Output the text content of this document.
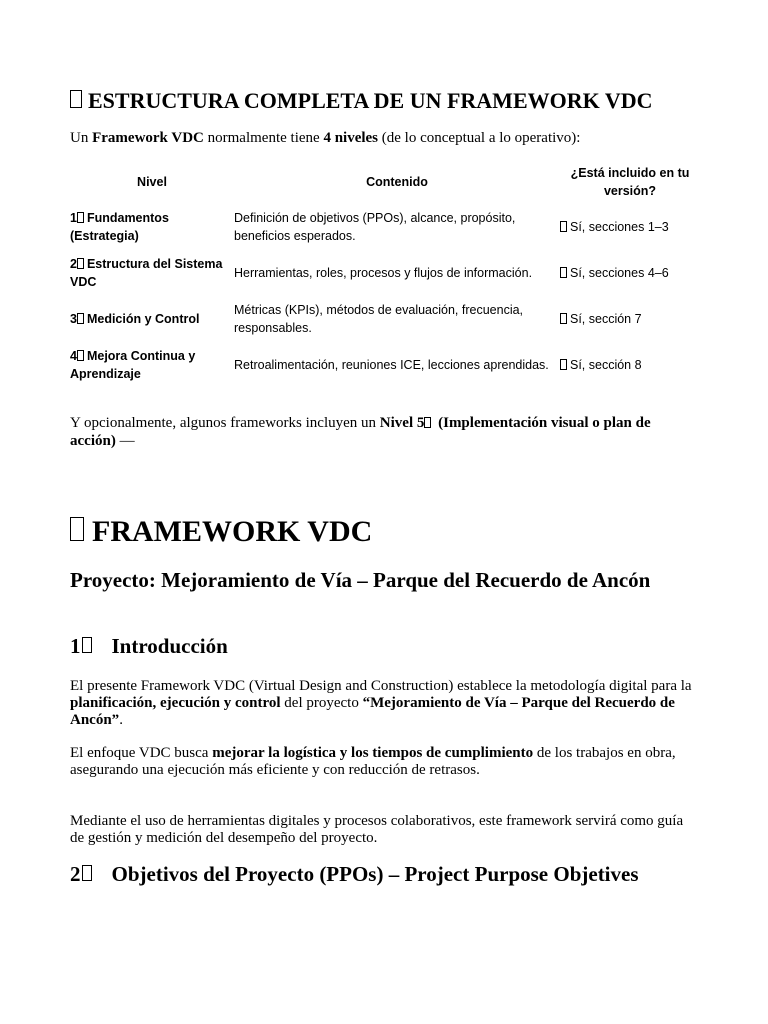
ESTRUCTURA COMPLETA DE UN FRAMEWORK VDC
Un Framework VDC normalmente tiene 4 niveles (de lo conceptual a lo operativo):
Nivel	Contenido	¿Está incluido en tu versión?
1 Fundamentos (Estrategia)	Definición de objetivos (PPOs), alcance, propósito, beneficios esperados.	Sí, secciones 1–3
2 Estructura del Sistema VDC	Herramientas, roles, procesos y flujos de información.	Sí, secciones 4–6
3 Medición y Control	Métricas (KPIs), métodos de evaluación, frecuencia, responsables.	Sí, sección 7
4 Mejora Continua y Aprendizaje	Retroalimentación, reuniones ICE, lecciones aprendidas.	Sí, sección 8
Y opcionalmente, algunos frameworks incluyen un Nivel 5 (Implementación visual o plan de acción) —
FRAMEWORK VDC
Proyecto: Mejoramiento de Vía – Parque del Recuerdo de Ancón
1 Introducción
El presente Framework VDC (Virtual Design and Construction) establece la metodología digital para la planificación, ejecución y control del proyecto “Mejoramiento de Vía – Parque del Recuerdo de Ancón”.
El enfoque VDC busca mejorar la logística y los tiempos de cumplimiento de los trabajos en obra, asegurando una ejecución más eficiente y con reducción de retrasos.
Mediante el uso de herramientas digitales y procesos colaborativos, este framework servirá como guía de gestión y medición del desempeño del proyecto.
2 Objetivos del Proyecto (PPOs) – Project Purpose Objetives
